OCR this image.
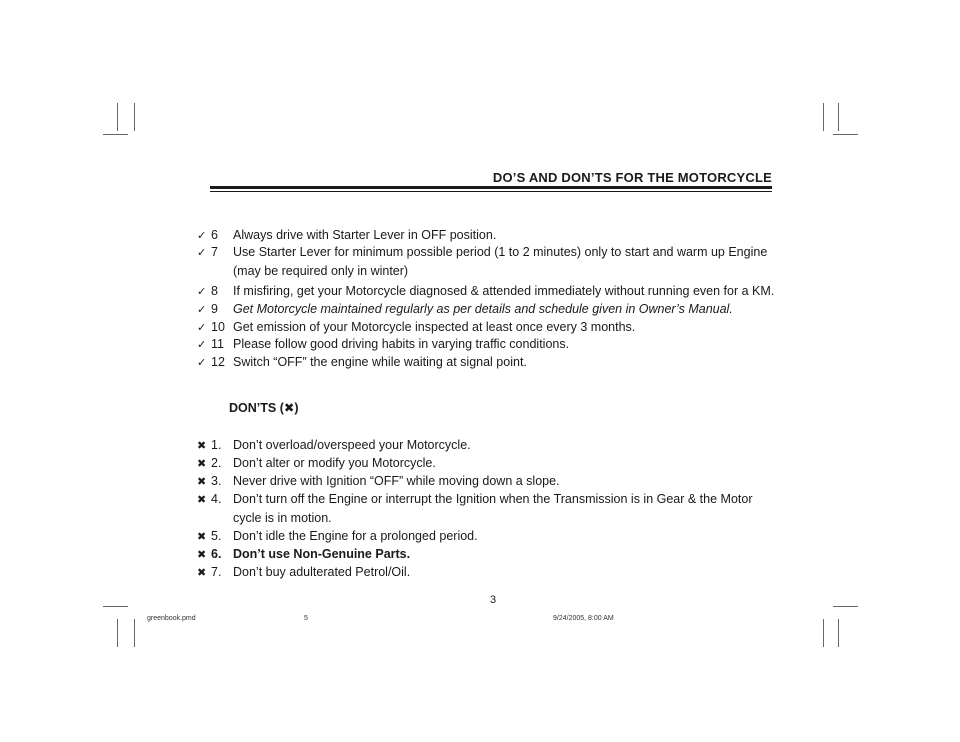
DO’S AND DON’TS FOR THE MOTORCYCLE
✓ 6 Always drive with Starter Lever in OFF position.
✓ 7 Use Starter Lever for minimum possible period (1 to 2 minutes) only to start and warm up Engine
(may be required only in winter)
✓ 8 If misfiring, get your Motorcycle diagnosed & attended immediately without running even for a KM.
✓ 9 Get Motorcycle maintained regularly as per details and schedule given in Owner’s Manual.
✓ 10 Get emission of your Motorcycle inspected at least once every 3 months.
✓ 11 Please follow good driving habits in varying traffic conditions.
✓ 12 Switch “OFF” the engine while waiting at signal point.
DON’TS (✖)
✖ 1. Don’t overload/overspeed your Motorcycle.
✖ 2. Don’t alter or modify you Motorcycle.
✖ 3. Never drive with Ignition “OFF” while moving down a slope.
✖ 4. Don’t turn off the Engine or interrupt the Ignition when the Transmission is in Gear & the Motor
cycle is in motion.
✖ 5. Don’t idle the Engine for a prolonged period.
✖ 6. Don’t use Non-Genuine Parts.
✖ 7. Don’t buy adulterated Petrol/Oil.
3
greenbook.pmd	5	9/24/2005, 8:00 AM
